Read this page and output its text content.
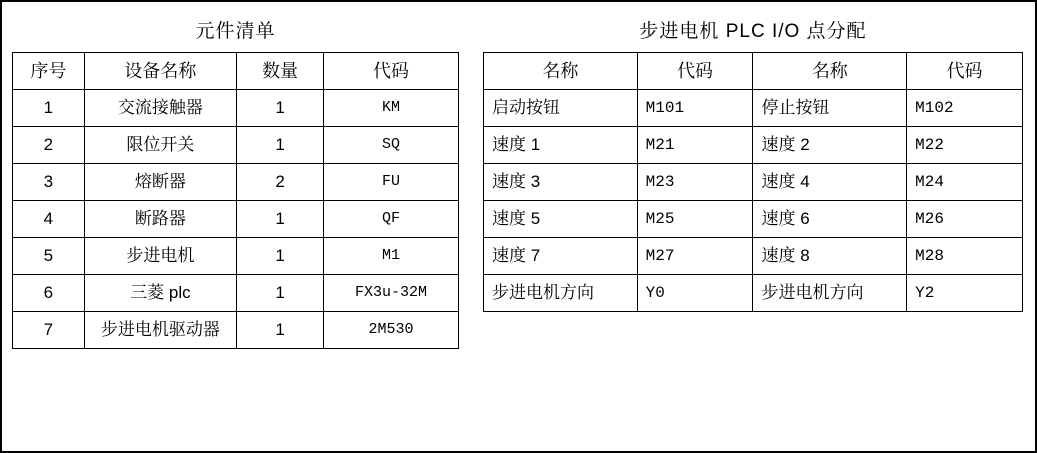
元件清单
序号	设备名称	数量	代码
1	交流接触器	1	KM
2	限位开关	1	SQ
3	熔断器	2	FU
4	断路器	1	QF
5	步进电机	1	M1
6	三菱 plc	1	FX3u-32M
7	步进电机驱动器	1	2M530
步进电机 PLC I/O 点分配
名称	代码	名称	代码
启动按钮	M101	停止按钮	M102
速度 1	M21	速度 2	M22
速度 3	M23	速度 4	M24
速度 5	M25	速度 6	M26
速度 7	M27	速度 8	M28
步进电机方向	Y0	步进电机方向	Y2
